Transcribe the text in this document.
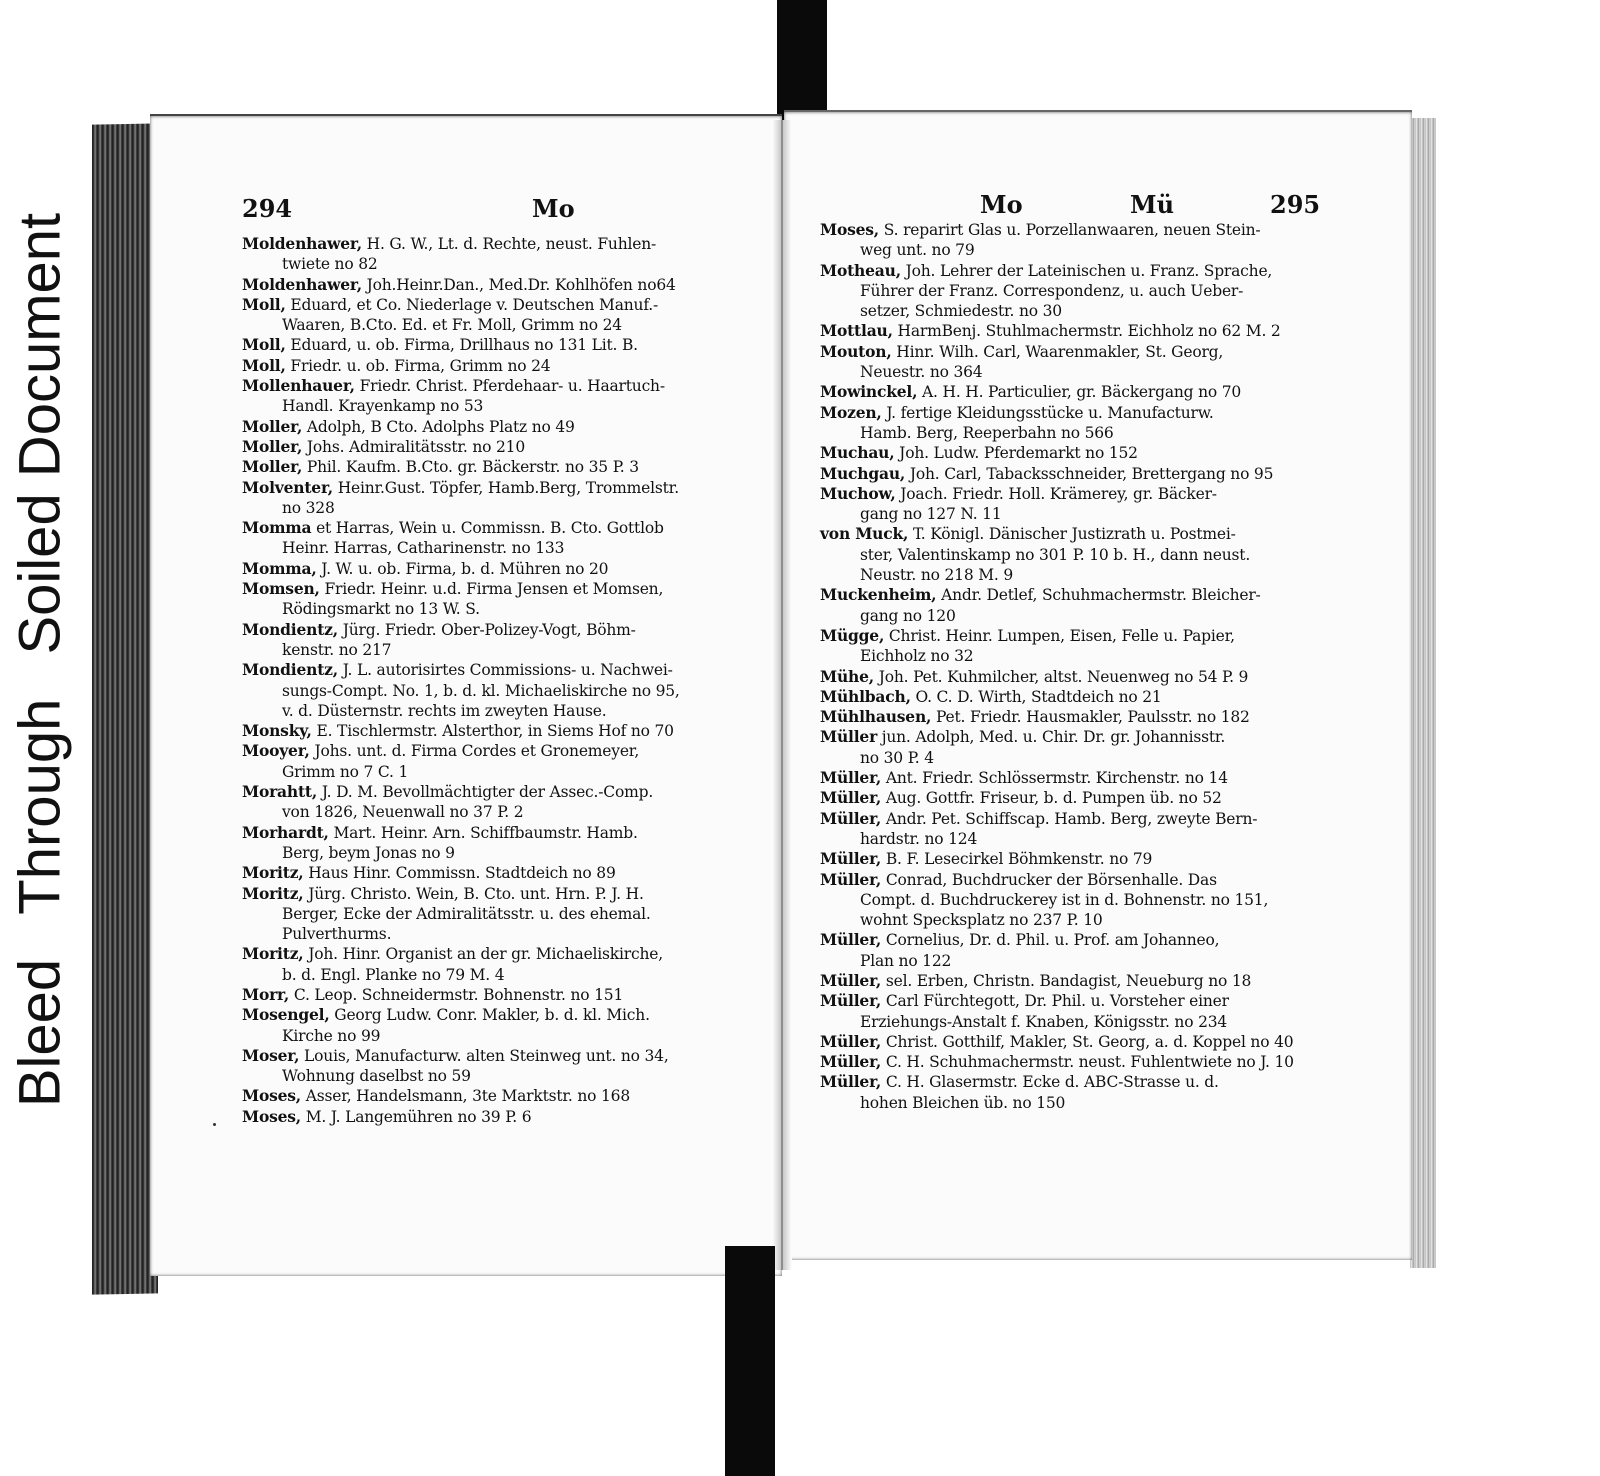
Bleed Through Soiled Document
294	Mo
Moldenhawer, H. G. W., Lt. d. Rechte, neust. Fuhlen-
twiete no 82
Moldenhawer, Joh.Heinr.Dan., Med.Dr. Kohlhöfen no64
Moll, Eduard, et Co. Niederlage v. Deutschen Manuf.-
Waaren, B.Cto. Ed. et Fr. Moll, Grimm no 24
Moll, Eduard, u. ob. Firma, Drillhaus no 131 Lit. B.
Moll, Friedr. u. ob. Firma, Grimm no 24
Mollenhauer, Friedr. Christ. Pferdehaar- u. Haartuch-
Handl. Krayenkamp no 53
Moller, Adolph, B Cto. Adolphs Platz no 49
Moller, Johs. Admiralitätsstr. no 210
Moller, Phil. Kaufm. B.Cto. gr. Bäckerstr. no 35 P. 3
Molventer, Heinr.Gust. Töpfer, Hamb.Berg, Trommelstr.
no 328
Momma et Harras, Wein u. Commissn. B. Cto. Gottlob
Heinr. Harras, Catharinenstr. no 133
Momma, J. W. u. ob. Firma, b. d. Mühren no 20
Momsen, Friedr. Heinr. u.d. Firma Jensen et Momsen,
Rödingsmarkt no 13 W. S.
Mondientz, Jürg. Friedr. Ober-Polizey-Vogt, Böhm-
kenstr. no 217
Mondientz, J. L. autorisirtes Commissions- u. Nachwei-
sungs-Compt. No. 1, b. d. kl. Michaeliskirche no 95,
v. d. Düsternstr. rechts im zweyten Hause.
Monsky, E. Tischlermstr. Alsterthor, in Siems Hof no 70
Mooyer, Johs. unt. d. Firma Cordes et Gronemeyer,
Grimm no 7 C. 1
Morahtt, J. D. M. Bevollmächtigter der Assec.-Comp.
von 1826, Neuenwall no 37 P. 2
Morhardt, Mart. Heinr. Arn. Schiffbaumstr. Hamb.
Berg, beym Jonas no 9
Moritz, Haus Hinr. Commissn. Stadtdeich no 89
Moritz, Jürg. Christo. Wein, B. Cto. unt. Hrn. P. J. H.
Berger, Ecke der Admiralitätsstr. u. des ehemal.
Pulverthurms.
Moritz, Joh. Hinr. Organist an der gr. Michaeliskirche,
b. d. Engl. Planke no 79 M. 4
Morr, C. Leop. Schneidermstr. Bohnenstr. no 151
Mosengel, Georg Ludw. Conr. Makler, b. d. kl. Mich.
Kirche no 99
Moser, Louis, Manufacturw. alten Steinweg unt. no 34,
Wohnung daselbst no 59
Moses, Asser, Handelsmann, 3te Marktstr. no 168
Moses, M. J. Langemühren no 39 P. 6
Mo	Mü	295
Moses, S. reparirt Glas u. Porzellanwaaren, neuen Stein-
weg unt. no 79
Motheau, Joh. Lehrer der Lateinischen u. Franz. Sprache,
Führer der Franz. Correspondenz, u. auch Ueber-
setzer, Schmiedestr. no 30
Mottlau, HarmBenj. Stuhlmachermstr. Eichholz no 62 M. 2
Mouton, Hinr. Wilh. Carl, Waarenmakler, St. Georg,
Neuestr. no 364
Mowinckel, A. H. H. Particulier, gr. Bäckergang no 70
Mozen, J. fertige Kleidungsstücke u. Manufacturw.
Hamb. Berg, Reeperbahn no 566
Muchau, Joh. Ludw. Pferdemarkt no 152
Muchgau, Joh. Carl, Tabacksschneider, Brettergang no 95
Muchow, Joach. Friedr. Holl. Krämerey, gr. Bäcker-
gang no 127 N. 11
von Muck, T. Königl. Dänischer Justizrath u. Postmei-
ster, Valentinskamp no 301 P. 10 b. H., dann neust.
Neustr. no 218 M. 9
Muckenheim, Andr. Detlef, Schuhmachermstr. Bleicher-
gang no 120
Mügge, Christ. Heinr. Lumpen, Eisen, Felle u. Papier,
Eichholz no 32
Mühe, Joh. Pet. Kuhmilcher, altst. Neuenweg no 54 P. 9
Mühlbach, O. C. D. Wirth, Stadtdeich no 21
Mühlhausen, Pet. Friedr. Hausmakler, Paulsstr. no 182
Müller jun. Adolph, Med. u. Chir. Dr. gr. Johannisstr.
no 30 P. 4
Müller, Ant. Friedr. Schlössermstr. Kirchenstr. no 14
Müller, Aug. Gottfr. Friseur, b. d. Pumpen üb. no 52
Müller, Andr. Pet. Schiffscap. Hamb. Berg, zweyte Bern-
hardstr. no 124
Müller, B. F. Lesecirkel Böhmkenstr. no 79
Müller, Conrad, Buchdrucker der Börsenhalle. Das
Compt. d. Buchdruckerey ist in d. Bohnenstr. no 151,
wohnt Specksplatz no 237 P. 10
Müller, Cornelius, Dr. d. Phil. u. Prof. am Johanneo,
Plan no 122
Müller, sel. Erben, Christn. Bandagist, Neueburg no 18
Müller, Carl Fürchtegott, Dr. Phil. u. Vorsteher einer
Erziehungs-Anstalt f. Knaben, Königsstr. no 234
Müller, Christ. Gotthilf, Makler, St. Georg, a. d. Koppel no 40
Müller, C. H. Schuhmachermstr. neust. Fuhlentwiete no J. 10
Müller, C. H. Glasermstr. Ecke d. ABC-Strasse u. d.
hohen Bleichen üb. no 150
